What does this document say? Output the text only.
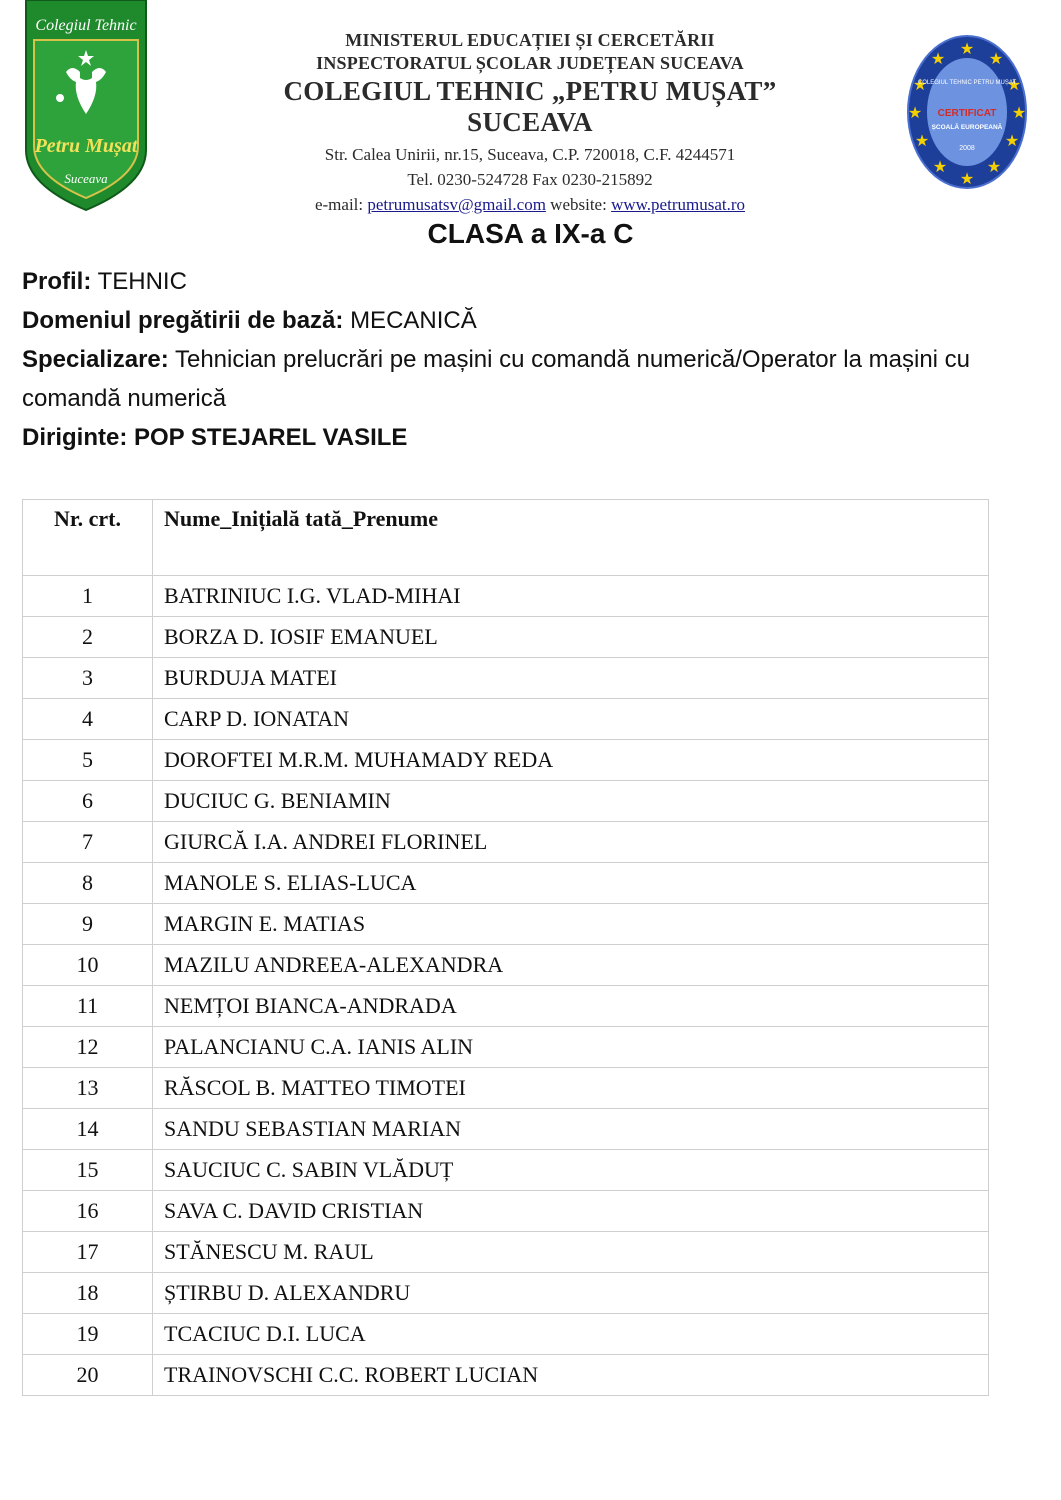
Colegiul Tehnic
Petru Mușat
Suceava
MINISTERUL EDUCAȚIEI ȘI CERCETĂRII
INSPECTORATUL ȘCOLAR JUDEȚEAN SUCEAVA
COLEGIUL TEHNIC „PETRU MUȘAT” SUCEAVA
Str. Calea Unirii, nr.15, Suceava, C.P. 720018, C.F. 4244571
Tel. 0230-524728 Fax 0230-215892
e-mail: petrumusatsv@gmail.com website: www.petrumusat.ro
★
★
★
★
★
★
★
★
★
★
★
★
COLEGIUL TEHNIC PETRU MUȘAT
CERTIFICAT
ȘCOALĂ EUROPEANĂ
2008
CLASA a IX-a C
Profil: TEHNIC
Domeniul pregătirii de bază: MECANICĂ
Specializare: Tehnician prelucrări pe mașini cu comandă numerică/Operator la mașini cu comandă numerică
Diriginte: POP STEJAREL VASILE
Nr. crt.	Nume_Inițială tată_Prenume
1	BATRINIUC I.G. VLAD-MIHAI
2	BORZA D. IOSIF EMANUEL
3	BURDUJA MATEI
4	CARP D. IONATAN
5	DOROFTEI M.R.M. MUHAMADY REDA
6	DUCIUC G. BENIAMIN
7	GIURCĂ I.A. ANDREI FLORINEL
8	MANOLE S. ELIAS-LUCA
9	MARGIN E. MATIAS
10	MAZILU ANDREEA-ALEXANDRA
11	NEMȚOI BIANCA-ANDRADA
12	PALANCIANU C.A. IANIS ALIN
13	RĂSCOL B. MATTEO TIMOTEI
14	SANDU SEBASTIAN MARIAN
15	SAUCIUC C. SABIN VLĂDUȚ
16	SAVA C. DAVID CRISTIAN
17	STĂNESCU M. RAUL
18	ȘTIRBU D. ALEXANDRU
19	TCACIUC D.I. LUCA
20	TRAINOVSCHI C.C. ROBERT LUCIAN
